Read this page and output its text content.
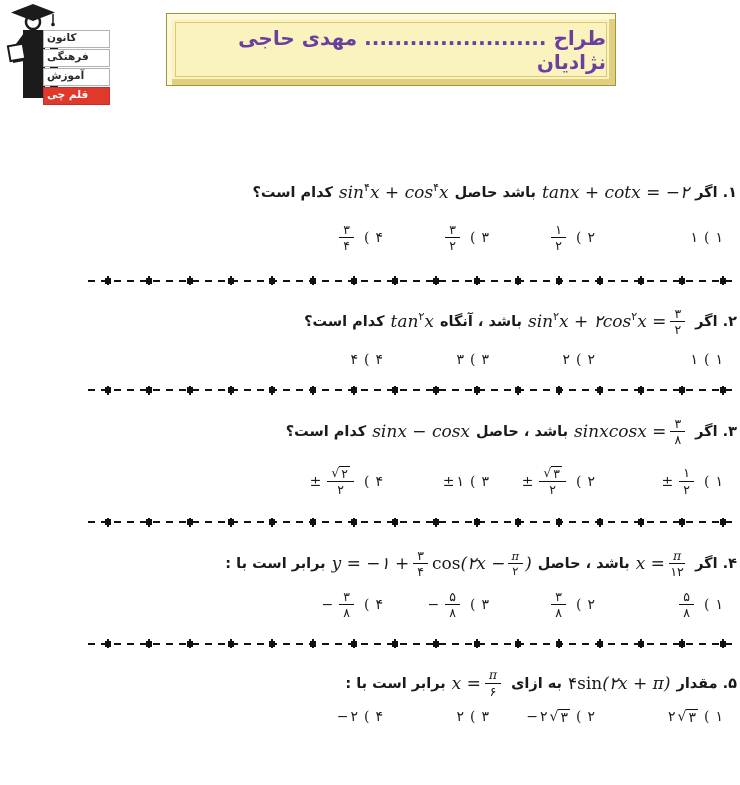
کانون
فرهنگی
آموزش
قلم چی
طراح ........................ مهدی حاجی نژادیان
۱. اگر
tanx + cotx = −۲
باشد حاصل
sin ۴ x + cos ۴ x
کدام است؟
۱ ( ۱
$\frac{۱}{۲}$ ( ۲
$\frac{۳}{۲}$ ( ۳
$\frac{۳}{۴}$ ( ۴
۲. اگر
sin ۲ x + ۲cos ۲ $x = \frac{۳}{۲}$
باشد ، آنگاه
tan ۲ x
کدام است؟
۱ ( ۱
۲ ( ۲
۳ ( ۳
۴ ( ۴
۳. اگر
sinxcosx = $\frac{۳}{۸}$
باشد ، حاصل
sinx − cosx
کدام است؟
± $\frac{۱}{۲}$ ( ۱
± $\frac{√ ۳}{۲}$ ( ۲
± ۱ ( ۳
± $\frac{√ ۲}{۲}$ ( ۴
۴. اگر
$x = \frac{\pi}{۱۲}$
باشد ، حاصل
y = −۱ + $\frac{۳}{۴}$ cos (۲x − $\frac{\pi}{۲}$ )
برابر است با :
$\frac{۵}{۸}$ ( ۱
$\frac{۳}{۸}$ ( ۲
− $\frac{۵}{۸}$ ( ۳
− $\frac{۳}{۸}$ ( ۴
۵. مقدار
۴sin (۲x + π)
به ازای
$x = \frac{\pi}{۶}$
برابر است با :
۲ √ ۳ ( ۱
− ۲ √ ۳ ( ۲
۲ ( ۳
− ۲ ( ۴
